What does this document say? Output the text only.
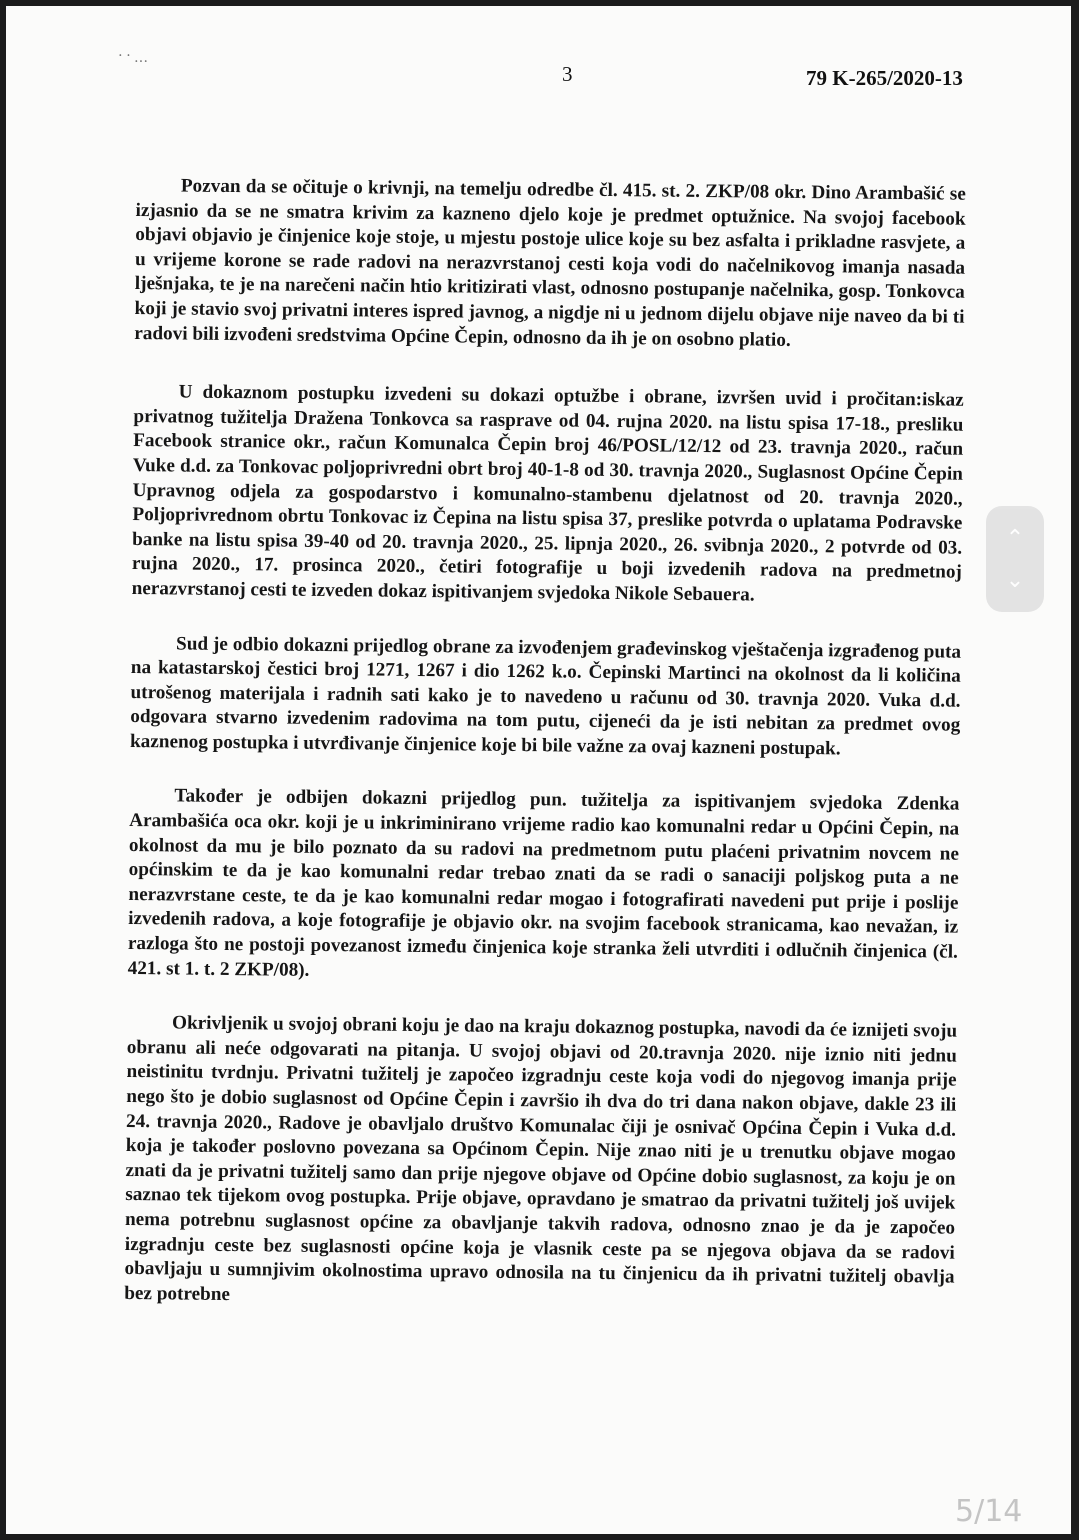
․ ․ ․․․
3	79 K-265/2020-13

Pozvan da se očituje o krivnji, na temelju odredbe čl. 415. st. 2. ZKP/08 okr. Dino Arambašić se izjasnio da se ne smatra krivim za kazneno djelo koje je predmet optužnice. Na svojoj facebook objavi objavio je činjenice koje stoje, u mjestu postoje ulice koje su bez asfalta i prikladne rasvjete, a u vrijeme korone se rade radovi na nerazvrstanoj cesti koja vodi do načelnikovog imanja nasada lješnjaka, te je na narečeni način htio kritizirati vlast, odnosno postupanje načelnika, gosp. Tonkovca koji je stavio svoj privatni interes ispred javnog, a nigdje ni u jednom dijelu objave nije naveo da bi ti radovi bili izvođeni sredstvima Općine Čepin, odnosno da ih je on osobno platio.

U dokaznom postupku izvedeni su dokazi optužbe i obrane, izvršen uvid i pročitan:iskaz privatnog tužitelja Dražena Tonkovca sa rasprave od 04. rujna 2020. na listu spisa 17-18., presliku Facebook stranice okr., račun Komunalca Čepin broj 46/POSL/12/12 od 23. travnja 2020., račun Vuke d.d. za Tonkovac poljoprivredni obrt broj 40-1-8 od 30. travnja 2020., Suglasnost Općine Čepin Upravnog odjela za gospodarstvo i komunalno-stambenu djelatnost od 20. travnja 2020., Poljoprivrednom obrtu Tonkovac iz Čepina na listu spisa 37, preslike potvrda o uplatama Podravske banke na listu spisa 39-40 od 20. travnja 2020., 25. lipnja 2020., 26. svibnja 2020., 2 potvrde od 03. rujna 2020., 17. prosinca 2020., četiri fotografije u boji izvedenih radova na predmetnoj nerazvrstanoj cesti te izveden dokaz ispitivanjem svjedoka Nikole Sebauera.

Sud je odbio dokazni prijedlog obrane za izvođenjem građevinskog vještačenja izgrađenog puta na katastarskoj čestici broj 1271, 1267 i dio 1262 k.o. Čepinski Martinci na okolnost da li količina utrošenog materijala i radnih sati kako je to navedeno u računu od 30. travnja 2020. Vuka d.d. odgovara stvarno izvedenim radovima na tom putu, cijeneći da je isti nebitan za predmet ovog kaznenog postupka i utvrđivanje činjenice koje bi bile važne za ovaj kazneni postupak.

Također je odbijen dokazni prijedlog pun. tužitelja za ispitivanjem svjedoka Zdenka Arambašića oca okr. koji je u inkriminirano vrijeme radio kao komunalni redar u Općini Čepin, na okolnost da mu je bilo poznato da su radovi na predmetnom putu plaćeni privatnim novcem ne općinskim te da je kao komunalni redar trebao znati da se radi o sanaciji poljskog puta a ne nerazvrstane ceste, te da je kao komunalni redar mogao i fotografirati navedeni put prije i poslije izvedenih radova, a koje fotografije je objavio okr. na svojim facebook stranicama, kao nevažan, iz razloga što ne postoji povezanost između činjenica koje stranka želi utvrditi i odlučnih činjenica (čl. 421. st 1. t. 2 ZKP/08).

Okrivljenik u svojoj obrani koju je dao na kraju dokaznog postupka, navodi da će iznijeti svoju obranu ali neće odgovarati na pitanja. U svojoj objavi od 20.travnja 2020. nije iznio niti jednu neistinitu tvrdnju. Privatni tužitelj je započeo izgradnju ceste koja vodi do njegovog imanja prije nego što je dobio suglasnost od Općine Čepin i završio ih dva do tri dana nakon objave, dakle 23 ili 24. travnja 2020., Radove je obavljalo društvo Komunalac čiji je osnivač Općina Čepin i Vuka d.d. koja je također poslovno povezana sa Općinom Čepin. Nije znao niti je u trenutku objave mogao znati da je privatni tužitelj samo dan prije njegove objave od Općine dobio suglasnost, za koju je on saznao tek tijekom ovog postupka. Prije objave, opravdano je smatrao da privatni tužitelj još uvijek nema potrebnu suglasnost općine za obavljanje takvih radova, odnosno znao je da je započeo izgradnju ceste bez suglasnosti općine koja je vlasnik ceste pa se njegova objava da se radovi obavljaju u sumnjivim okolnostima upravo odnosila na tu činjenicu da ih privatni tužitelj obavlja bez potrebne

⌃
⌄
5/14
